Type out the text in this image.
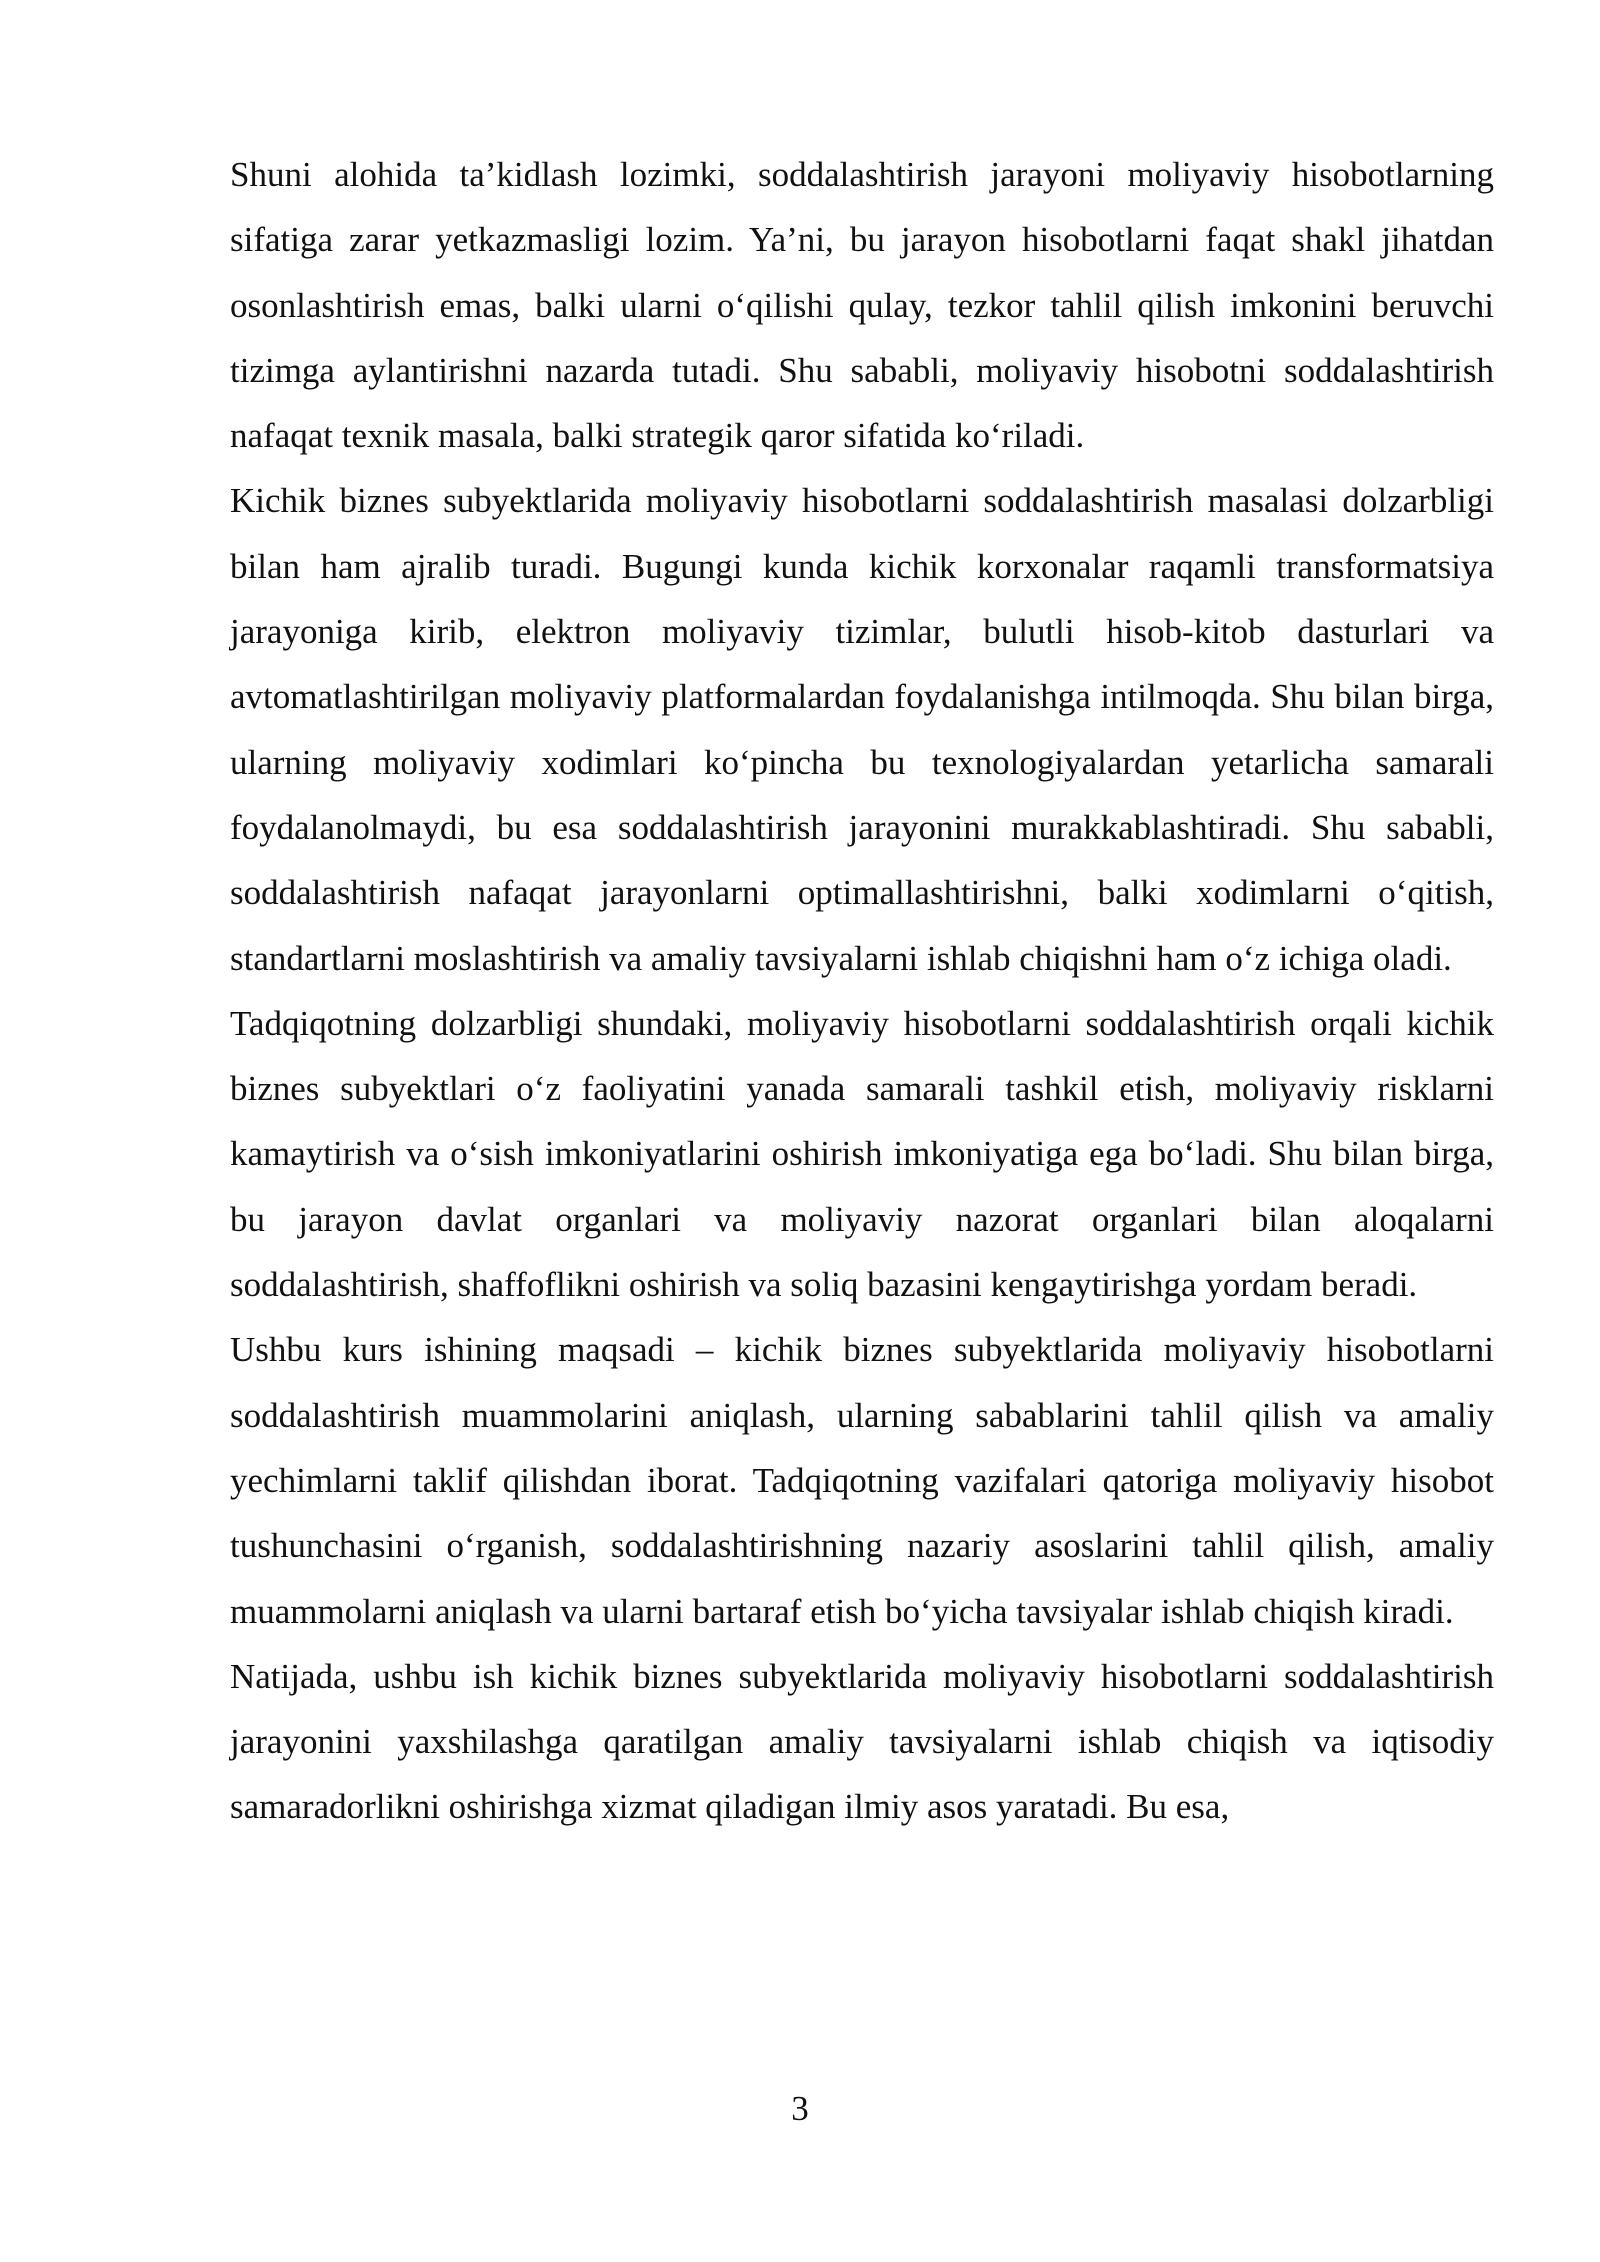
Shuni alohida ta’kidlash lozimki, soddalashtirish jarayoni moliyaviy hisobotlarning sifatiga zarar yetkazmasligi lozim. Ya’ni, bu jarayon hisobotlarni faqat shakl jihatdan osonlashtirish emas, balki ularni o‘qilishi qulay, tezkor tahlil qilish imkonini beruvchi tizimga aylantirishni nazarda tutadi. Shu sababli, moliyaviy hisobotni soddalashtirish nafaqat texnik masala, balki strategik qaror sifatida ko‘riladi.

Kichik biznes subyektlarida moliyaviy hisobotlarni soddalashtirish masalasi dolzarbligi bilan ham ajralib turadi. Bugungi kunda kichik korxonalar raqamli transformatsiya jarayoniga kirib, elektron moliyaviy tizimlar, bulutli hisob-kitob dasturlari va avtomatlashtirilgan moliyaviy platformalardan foydalanishga intilmoqda. Shu bilan birga, ularning moliyaviy xodimlari ko‘pincha bu texnologiyalardan yetarlicha samarali foydalanolmaydi, bu esa soddalashtirish jarayonini murakkablashtiradi. Shu sababli, soddalashtirish nafaqat jarayonlarni optimallashtirishni, balki xodimlarni o‘qitish, standartlarni moslashtirish va amaliy tavsiyalarni ishlab chiqishni ham o‘z ichiga oladi.

Tadqiqotning dolzarbligi shundaki, moliyaviy hisobotlarni soddalashtirish orqali kichik biznes subyektlari o‘z faoliyatini yanada samarali tashkil etish, moliyaviy risklarni kamaytirish va o‘sish imkoniyatlarini oshirish imkoniyatiga ega bo‘ladi. Shu bilan birga, bu jarayon davlat organlari va moliyaviy nazorat organlari bilan aloqalarni soddalashtirish, shaffoflikni oshirish va soliq bazasini kengaytirishga yordam beradi.

Ushbu kurs ishining maqsadi – kichik biznes subyektlarida moliyaviy hisobotlarni soddalashtirish muammolarini aniqlash, ularning sabablarini tahlil qilish va amaliy yechimlarni taklif qilishdan iborat. Tadqiqotning vazifalari qatoriga moliyaviy hisobot tushunchasini o‘rganish, soddalashtirishning nazariy asoslarini tahlil qilish, amaliy muammolarni aniqlash va ularni bartaraf etish bo‘yicha tavsiyalar ishlab chiqish kiradi.

Natijada, ushbu ish kichik biznes subyektlarida moliyaviy hisobotlarni soddalashtirish jarayonini yaxshilashga qaratilgan amaliy tavsiyalarni ishlab chiqish va iqtisodiy samaradorlikni oshirishga xizmat qiladigan ilmiy asos yaratadi. Bu esa,

3
